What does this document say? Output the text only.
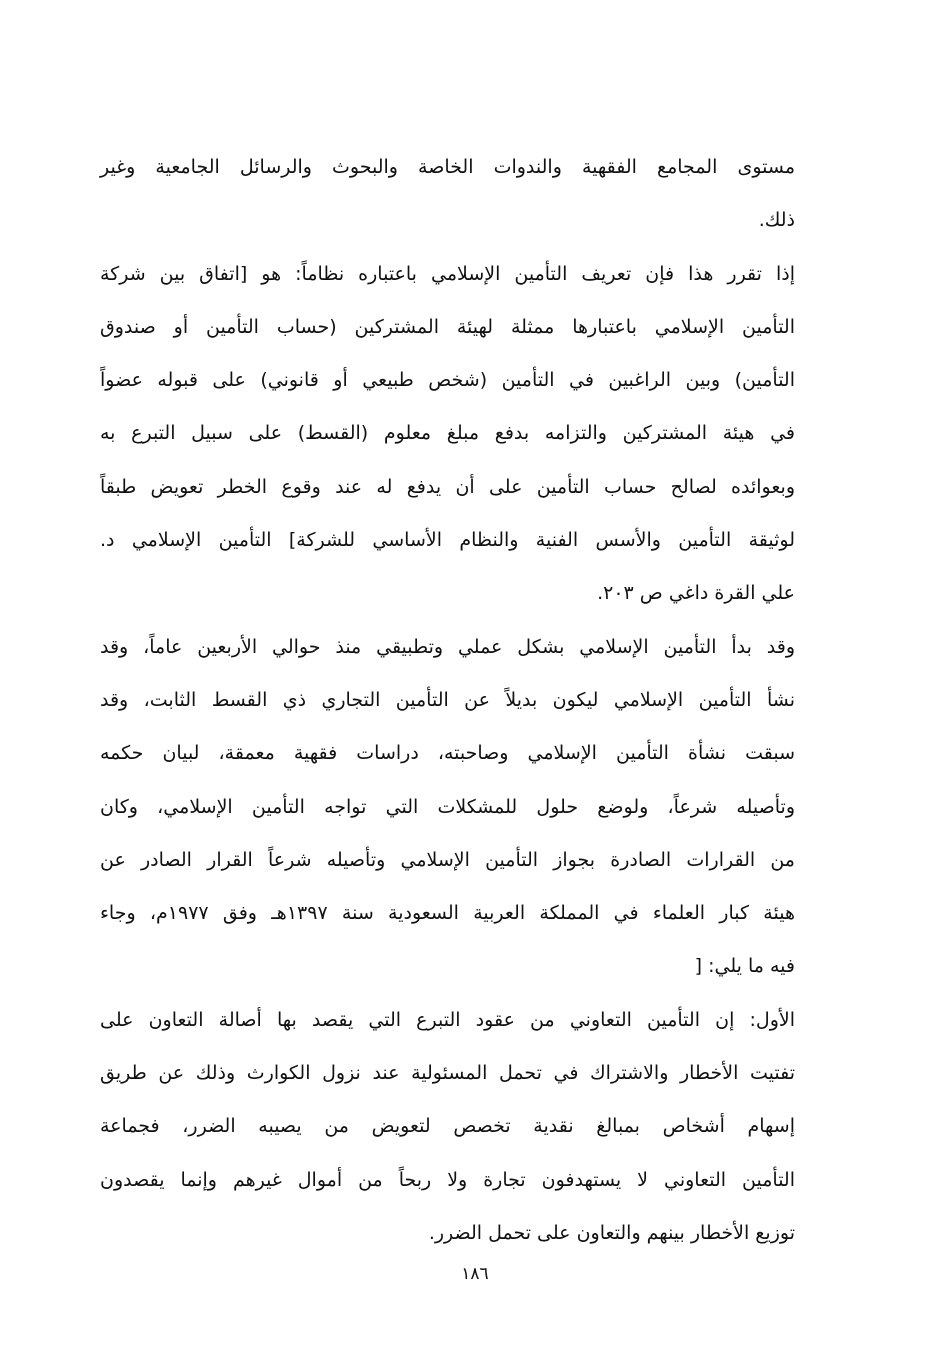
مستوى المجامع الفقهية والندوات الخاصة والبحوث والرسائل الجامعية وغير
ذلك.
إذا تقرر هذا فإن تعريف التأمين الإسلامي باعتباره نظاماً: هو [اتفاق بين شركة
التأمين الإسلامي باعتبارها ممثلة لهيئة المشتركين (حساب التأمين أو صندوق
التأمين) وبين الراغبين في التأمين (شخص طبيعي أو قانوني) على قبوله عضواً
في هيئة المشتركين والتزامه بدفع مبلغ معلوم (القسط) على سبيل التبرع به
وبعوائده لصالح حساب التأمين على أن يدفع له عند وقوع الخطر تعويض طبقاً
لوثيقة التأمين والأسس الفنية والنظام الأساسي للشركة] التأمين الإسلامي د.
علي القرة داغي ص ٢٠٣.
وقد بدأ التأمين الإسلامي بشكل عملي وتطبيقي منذ حوالي الأربعين عاماً، وقد
نشأ التأمين الإسلامي ليكون بديلاً عن التأمين التجاري ذي القسط الثابت، وقد
سبقت نشأة التأمين الإسلامي وصاحبته، دراسات فقهية معمقة، لبيان حكمه
وتأصيله شرعاً، ولوضع حلول للمشكلات التي تواجه التأمين الإسلامي، وكان
من القرارات الصادرة بجواز التأمين الإسلامي وتأصيله شرعاً القرار الصادر عن
هيئة كبار العلماء في المملكة العربية السعودية سنة ١٣٩٧هـ وفق ١٩٧٧م، وجاء
فيه ما يلي: [
الأول: إن التأمين التعاوني من عقود التبرع التي يقصد بها أصالة التعاون على
تفتيت الأخطار والاشتراك في تحمل المسئولية عند نزول الكوارث وذلك عن طريق
إسهام أشخاص بمبالغ نقدية تخصص لتعويض من يصيبه الضرر، فجماعة
التأمين التعاوني لا يستهدفون تجارة ولا ربحاً من أموال غيرهم وإنما يقصدون
توزيع الأخطار بينهم والتعاون على تحمل الضرر.
١٨٦
